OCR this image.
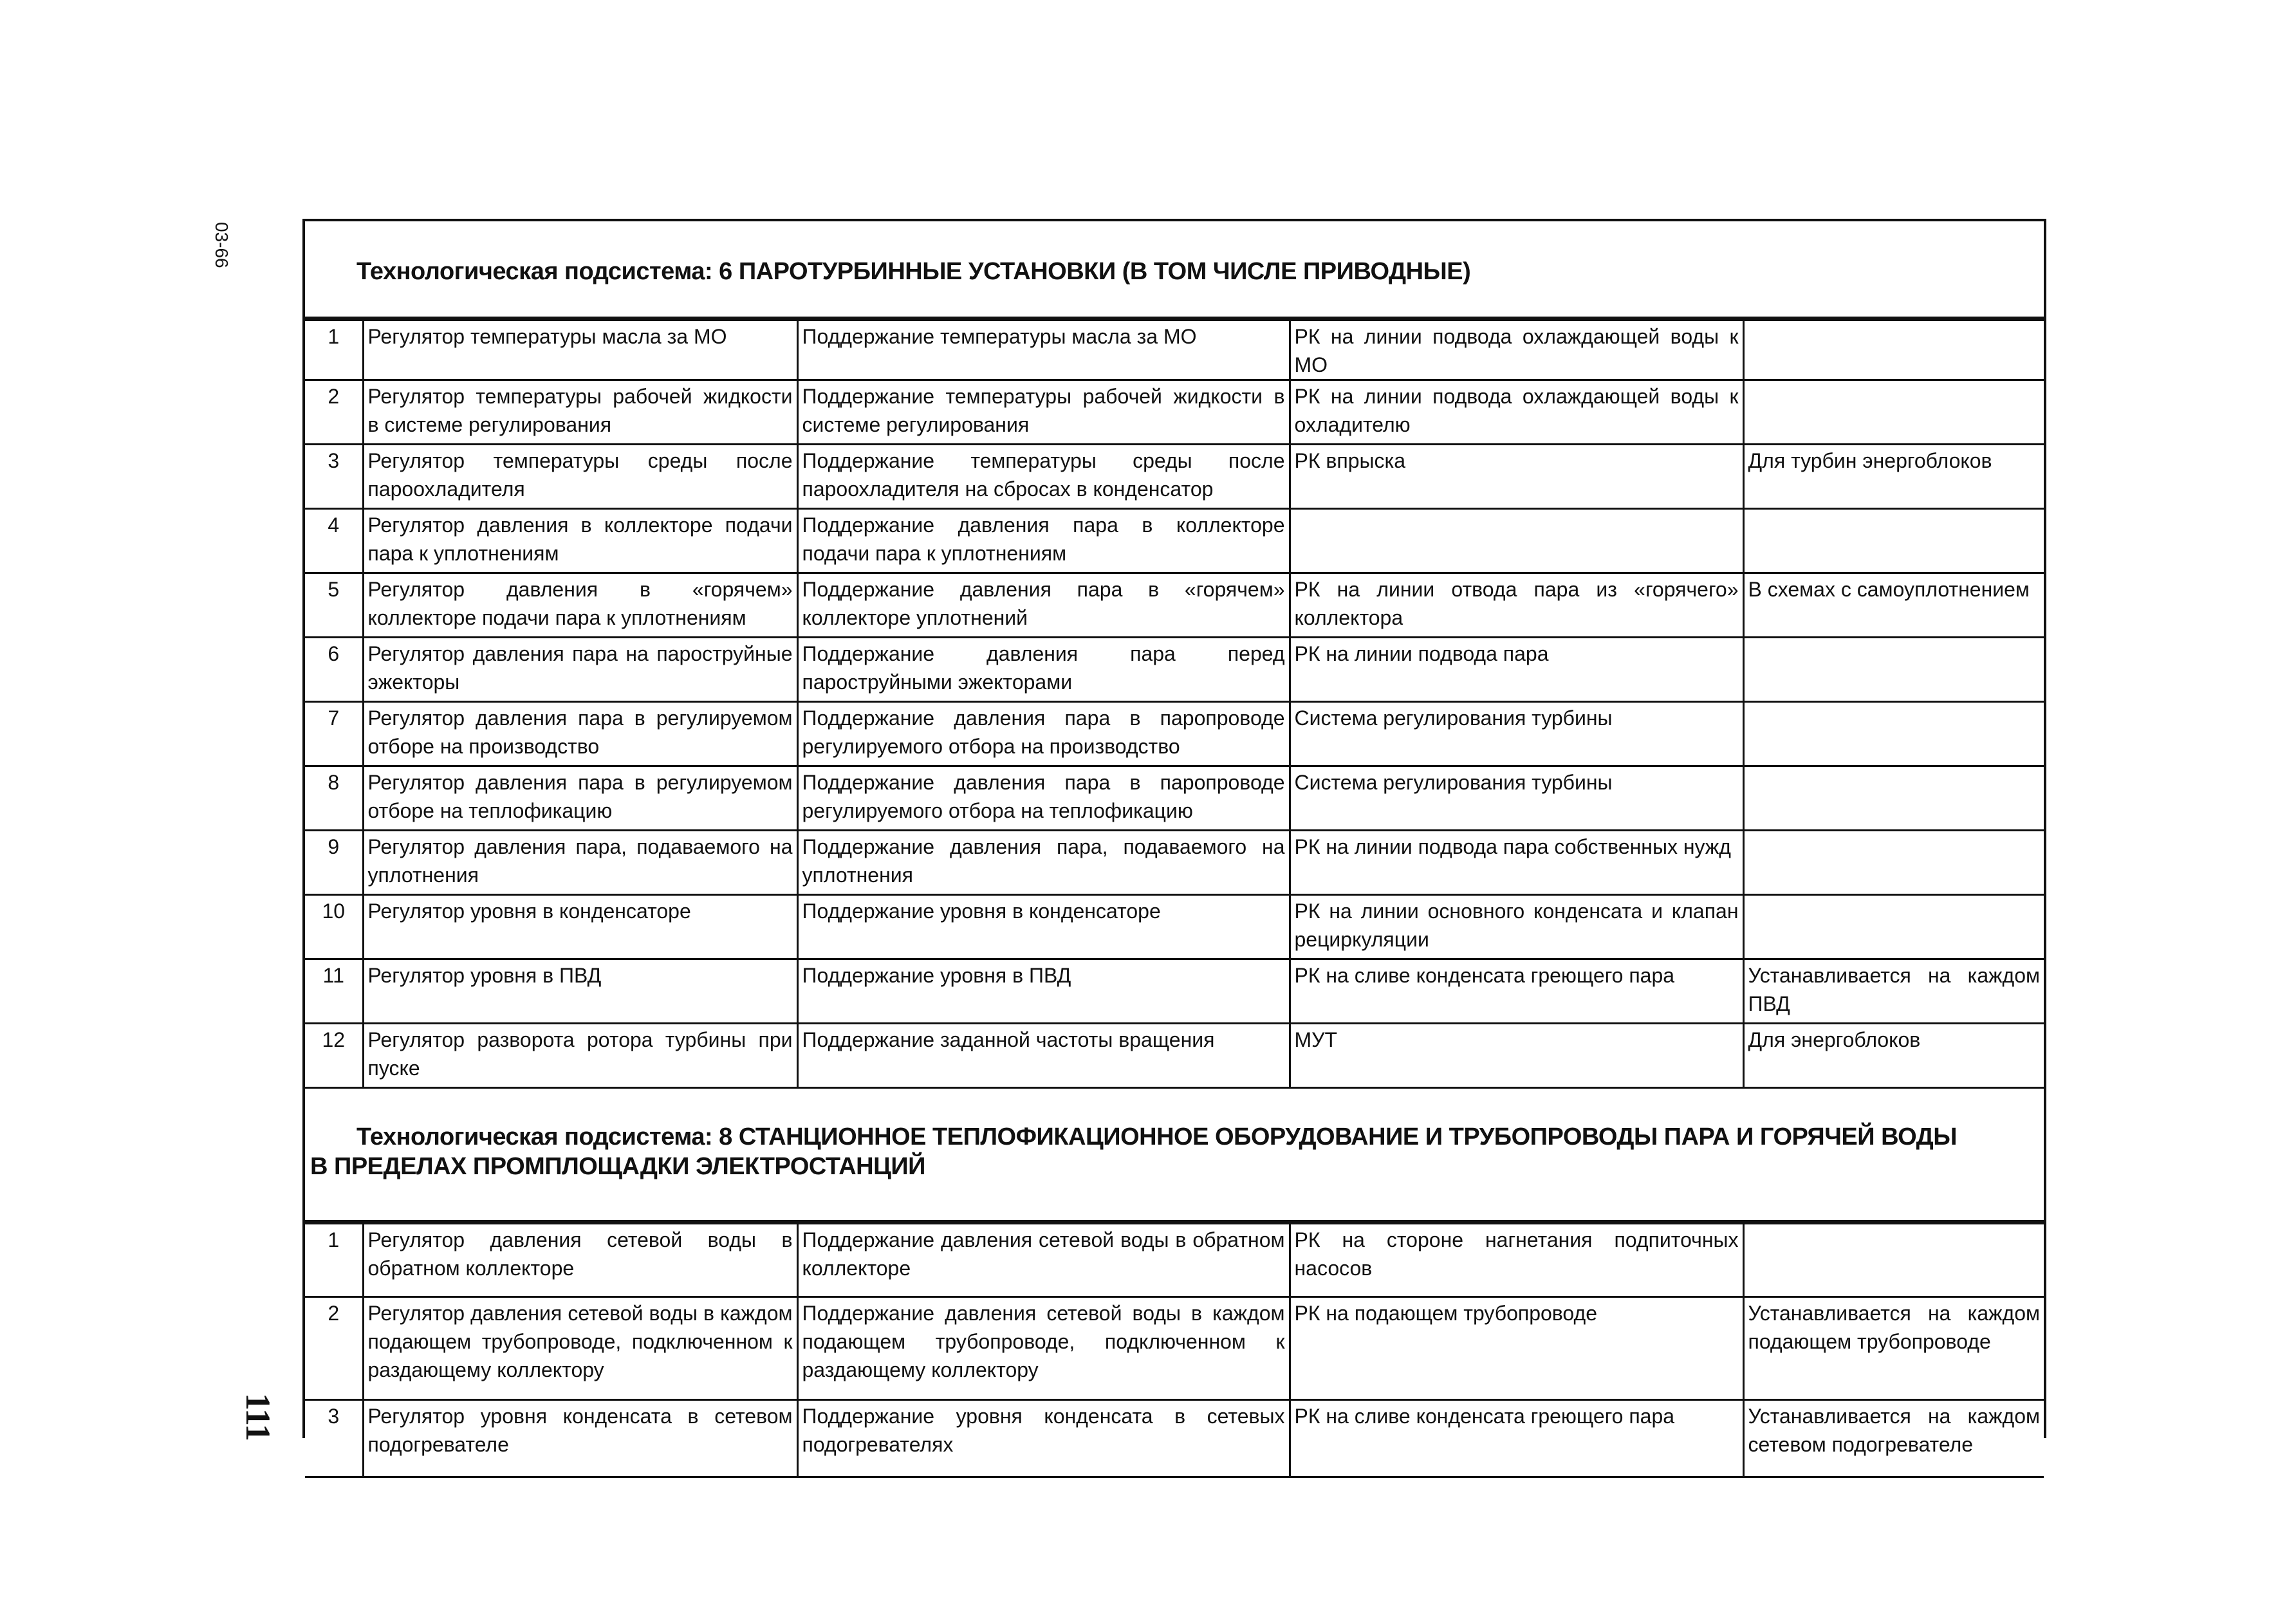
03-66
111
Технологическая подсистема: 6 ПАРОТУРБИННЫЕ УСТАНОВКИ (В ТОМ ЧИСЛЕ ПРИВОДНЫЕ)
1	Регулятор температуры масла за МО	Поддержание температуры масла за МО	РК на линии подвода охлаждающей воды к МО	
2	Регулятор температуры рабочей жидкости в системе регулирования	Поддержание температуры рабочей жидкости в системе регулирования	РК на линии подвода охлаждающей воды к охладителю	
3	Регулятор температуры среды после пароохладителя	Поддержание температуры среды после пароохладителя на сбросах в конденсатор	РК впрыска	Для турбин энергоблоков
4	Регулятор давления в коллекторе подачи пара к уплотнениям	Поддержание давления пара в коллекторе подачи пара к уплотнениям		
5	Регулятор давления в «горячем» коллекторе подачи пара к уплотнениям	Поддержание давления пара в «горячем» коллекторе уплотнений	РК на линии отвода пара из «горячего» коллектора	В схемах с самоуплотнением
6	Регулятор давления пара на пароструйные эжекторы	Поддержание давления пара перед пароструйными эжекторами	РК на линии подвода пара	
7	Регулятор давления пара в регулируемом отборе на производство	Поддержание давления пара в паропроводе регулируемого отбора на производство	Система регулирования турбины	
8	Регулятор давления пара в регулируемом отборе на теплофикацию	Поддержание давления пара в паропроводе регулируемого отбора на теплофикацию	Система регулирования турбины	
9	Регулятор давления пара, подаваемого на уплотнения	Поддержание давления пара, подаваемого на уплотнения	РК на линии подвода пара собственных нужд	
10	Регулятор уровня в конденсаторе	Поддержание уровня в конденсаторе	РК на линии основного конденсата и клапан рециркуляции	
11	Регулятор уровня в ПВД	Поддержание уровня в ПВД	РК на сливе конденсата греющего пара	Устанавливается на каждом ПВД
12	Регулятор разворота ротора турбины при пуске	Поддержание заданной частоты вращения	МУТ	Для энергоблоков
Технологическая подсистема: 8 СТАНЦИОННОЕ ТЕПЛОФИКАЦИОННОЕ ОБОРУДОВАНИЕ И ТРУБОПРОВОДЫ ПАРА И ГОРЯЧЕЙ ВОДЫ
В ПРЕДЕЛАХ ПРОМПЛОЩАДКИ ЭЛЕКТРОСТАНЦИЙ
1	Регулятор давления сетевой воды в обратном коллекторе	Поддержание давления сетевой воды в обратном коллекторе	РК на стороне нагнетания подпиточных насосов	
2	Регулятор давления сетевой воды в каждом подающем трубопроводе, подключенном к раздающему коллектору	Поддержание давления сетевой воды в каждом подающем трубопроводе, подключенном к раздающему коллектору	РК на подающем трубопроводе	Устанавливается на каждом подающем трубопроводе
3	Регулятор уровня конденсата в сетевом подогревателе	Поддержание уровня конденсата в сетевых подогревателях	РК на сливе конденсата греющего пара	Устанавливается на каждом сетевом подогревателе
